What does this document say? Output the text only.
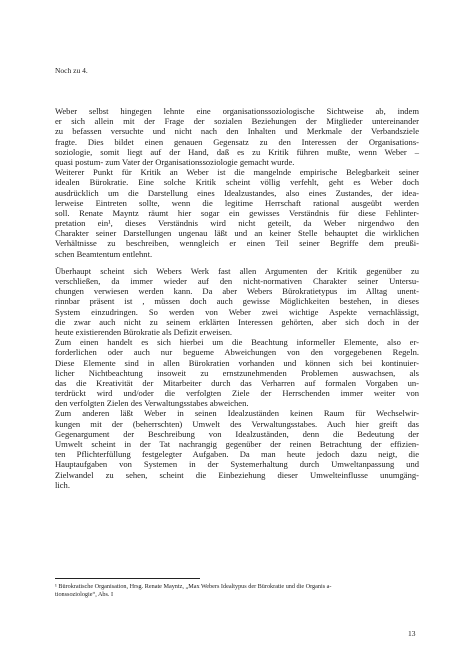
Noch zu 4.
Weber selbst hingegen lehnte eine organisationssoziologische Sichtweise ab, indem
er sich allein mit der Frage der sozialen Beziehungen der Mitglieder untereinander
zu befassen versuchte und nicht nach den Inhalten und Merkmale der Verbandsziele
fragte. Dies bildet einen genauen Gegensatz zu den Interessen der Organisations-
soziologie, somit liegt auf der Hand, daß es zu Kritik führen mußte, wenn Weber –
quasi postum- zum Vater der Organisationssoziologie gemacht wurde.
Weiterer Punkt für Kritik an Weber ist die mangelnde empirische Belegbarkeit seiner
idealen Bürokratie. Eine solche Kritik scheint völlig verfehlt, geht es Weber doch
ausdrücklich um die Darstellung eines Idealzustandes, also eines Zustandes, der idea-
lerweise Eintreten sollte, wenn die legitime Herrschaft rational ausgeübt werden
soll. Renate Mayntz räumt hier sogar ein gewisses Verständnis für diese Fehlinter-
pretation ein¹, dieses Verständnis wird nicht geteilt, da Weber nirgendwo den
Charakter seiner Darstellungen ungenau läßt und an keiner Stelle behauptet die wirklichen
Verhältnisse zu beschreiben, wenngleich er einen Teil seiner Begriffe dem preußi-
schen Beamtentum entlehnt.
Überhaupt scheint sich Webers Werk fast allen Argumenten der Kritik gegenüber zu
verschließen, da immer wieder auf den nicht-normativen Charakter seiner Untersu-
chungen verwiesen werden kann. Da aber Webers Bürokratietypus im Alltag unent-
rinnbar präsent ist , müssen doch auch gewisse Möglichkeiten bestehen, in dieses
System einzudringen. So werden von Weber zwei wichtige Aspekte vernachlässigt,
die zwar auch nicht zu seinem erklärten Interessen gehörten, aber sich doch in der
heute existierenden Bürokratie als Defizit erweisen.
Zum einen handelt es sich hierbei um die Beachtung informeller Elemente, also er-
forderlichen oder auch nur begueme Abweichungen von den vorgegebenen Regeln.
Diese Elemente sind in allen Bürokratien vorhanden und können sich bei kontinuier-
licher Nichtbeachtung insoweit zu ernstzunehmenden Problemen auswachsen, als
das die Kreativität der Mitarbeiter durch das Verharren auf formalen Vorgaben un-
terdrückt wird und/oder die verfolgten Ziele der Herrschenden immer weiter von
den verfolgten Zielen des Verwaltungsstabes abweichen.
Zum anderen läßt Weber in seinen Idealzuständen keinen Raum für Wechselwir-
kungen mit der (beherrschten) Umwelt des Verwaltungsstabes. Auch hier greift das
Gegenargument der Beschreibung von Idealzuständen, denn die Bedeutung der
Umwelt scheint in der Tat nachrangig gegenüber der reinen Betrachtung der effizien-
ten Pflichterfüllung festgelegter Aufgaben. Da man heute jedoch dazu neigt, die
Hauptaufgaben von Systemen in der Systemerhaltung durch Umweltanpassung und
Zielwandel zu sehen, scheint die Einbeziehung dieser Umwelteinflusse unumgäng-
lich.
¹ Bürokratische Organisation, Hrsg. Renate Mayntz, „Max Webers Idealtypus der Bürokratie und die Organis a-
tionssoziologie“, Abs. I
13
